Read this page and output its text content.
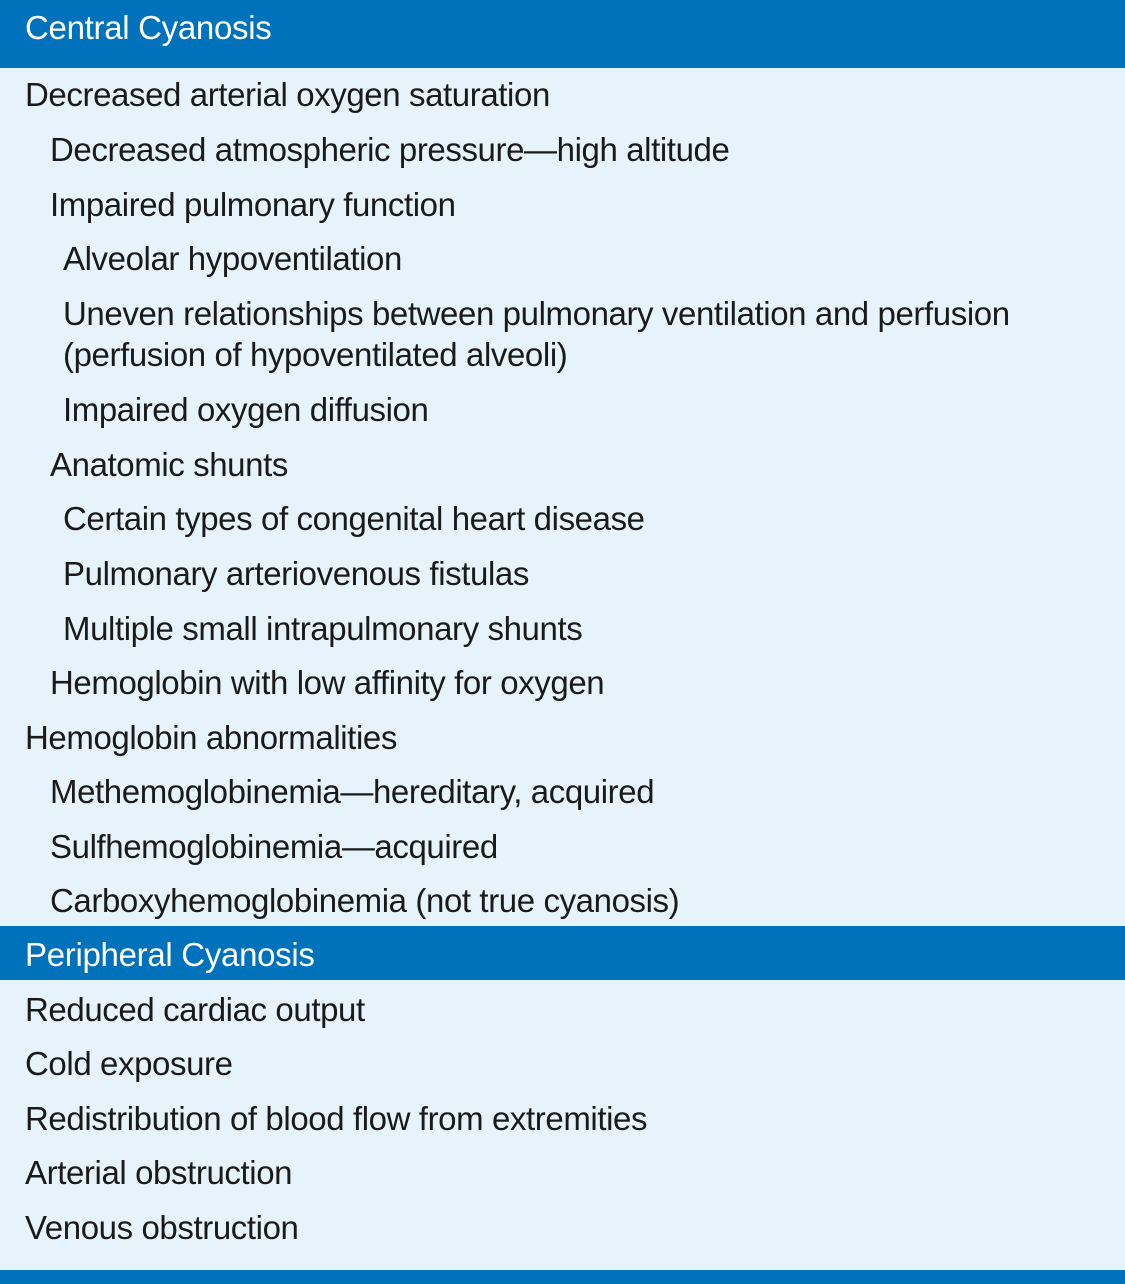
Central Cyanosis
Decreased arterial oxygen saturation
Decreased atmospheric pressure—high altitude
Impaired pulmonary function
Alveolar hypoventilation
Uneven relationships between pulmonary ventilation and perfusion
(perfusion of hypoventilated alveoli)
Impaired oxygen diffusion
Anatomic shunts
Certain types of congenital heart disease
Pulmonary arteriovenous fistulas
Multiple small intrapulmonary shunts
Hemoglobin with low affinity for oxygen
Hemoglobin abnormalities
Methemoglobinemia—hereditary, acquired
Sulfhemoglobinemia—acquired
Carboxyhemoglobinemia (not true cyanosis)
Peripheral Cyanosis
Reduced cardiac output
Cold exposure
Redistribution of blood flow from extremities
Arterial obstruction
Venous obstruction
